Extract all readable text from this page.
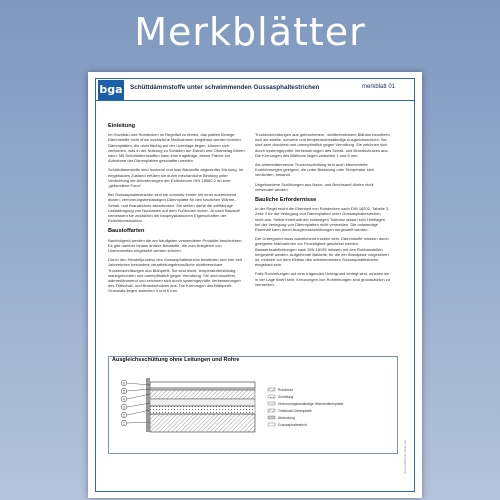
Merkblätter
bga Schüttdämmstoffe unter schwimmenden Gussasphaltestrichen	merkblatt 01
Einleitung
Im Hochbau und Rohdecken im Regelfall zu ebnen, das platten förmige Dämmstoffe nicht ohne zusätzliche Maßnahmen eingebaut werden können. Dämmplatten, die nicht flächig auf der Unterlage liegen, können sich verformen, was in der Nutzung zu Schäden am Estrich und Oberbelag führen kann. Mit Schüttdämmstoffen kann eine tragfähige, ebene Fläche zur Aufnahme der Dämmplatten geschaffen werden.
Schüttdämmstoffe sind trockene und lose Baustoffe abgestufter Körnung. Im eingebauten Zustand erfüllen sie durch mechanische Bindung unter Verdichtung die Anforderungen der Estrichnorm DIN 18560-2 an eine „gebundene Form“.
Bei Gussasphaltestrichen sind sie normativ immer mit einer ausreichend dicken, verformungsbeständigen Dämmplatte für den baulichen Wärme-, Schall- und Brandschutz abzudecken. Sie stellen damit die vollflächige Lastabtragung von Nutzlasten auf dem Fußboden sicher. Je nach Baustoff verbessern sie zusätzlich die bauphysikalischen Eigenschaften der Estrichkonstruktion.
Baustoffarten
Nachfolgend werden die am häufigsten verwendeten Produkte beschrieben. Es gibt darüber hinaus andere Baustoffe, die zum Ausgleich von Unebenheiten eingesetzt werden können.
Durch den Herstellprozess des Gussasphaltestrichs bewähren sich hier seit Jahrzehnten besonders verarbeitungsfreundliche nichtbrennbare Trockenschüttungen aus Blähperlit. Sie sind leicht, temperaturbeständig, staubgebunden und unempfindlich gegen Verrottung. Sie sind druckfest, wärmedämmend und zeichnen sich durch systemgeprüfte Verbesserungen des Trittschall- und Brandschutzes aus. Die Körnungen des Blähperlit-Granulats liegen zwischen 0 und 6 mm.
Trockenschüttungen aus gebrochenem, nichtbrennbarem Blähton bewähren sich als stabile, schwere und temperaturbeständige Ausgleichsschicht. Sie sind sehr druckfest und unempfindlich gegen Verrottung. Sie zeichnen sich durch systemgeprüfte Verbesserungen des Schall- und Brandschutzes aus. Die Körnungen des Blähtons liegen zwischen 1 und 5 mm.
Als wärmedämmende Trockenschüttung sind auch bitumenierte Korkkörnungen geeignet, die unter Belastung oder Temperatur sich verdichten, bekannt.
Ungebundene Schüttungen aus Natur- und Brechsand dürfen nicht verwendet werden.
Bauliche Erfordernisse
In der Regel reicht die Ebenheit von Rohdecken nach DIN 18202, Tabelle 3, Zeile 3 für die Verlegung von Dämmplatten unter Gussasphaltestrichen nicht aus. Selbst innerhalb der zulässigen Toleranz lassen sich Hohllagen bei der Verlegung von Dämmplatten nicht vermeiden. Die notwendige Ebenheit kann durch Ausgleichsschüttungen hergestellt werden.
Der Untergrund muss ausreichend trocken sein. Dämmstoffe müssen durch geeignete Maßnahmen vor Feuchtigkeit geschützt werden. Bauwerksabdichtungen nach DIN 18195 müssen mit den Rohbaustellen hergestellt werden. Aufgehende Bauteile, für die ein Standplatz vorgesehen ist, müssen vor dem Einbau des schwimmenden Gussasphaltestrichs eingebaut sein.
Falls Rohrleitungen auf dem tragenden Untergrund verlegt sind, müssen sie in der Lage fixiert sein. Kreuzungen von Rohrleitungen sind grundsätzlich zu vermeiden.
Ausgleichsschüttung ohne Leitungen und Rohre
6
5
4
3
2
1
Rohdecke
Schüttung
Verformungsbeständige Wärmedämmplatte
Trittschall-Dämmplatte
Abdeckung
Gussasphaltestrich
Stand 09/2018 / Seite 1/2
